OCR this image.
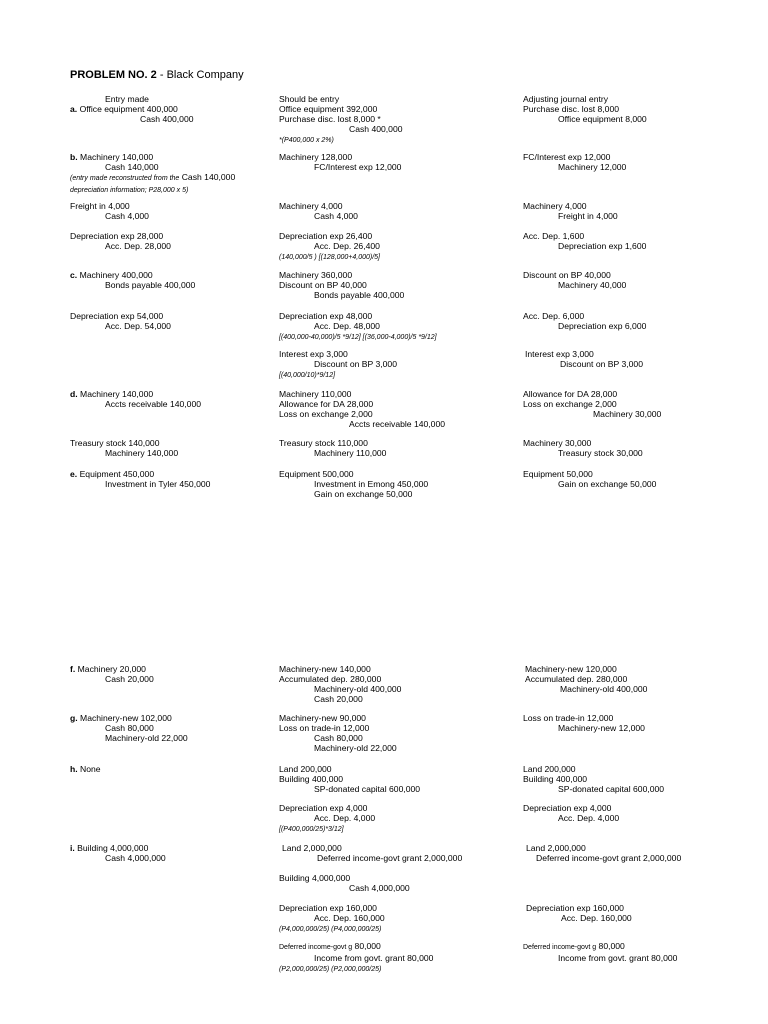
PROBLEM NO. 2 - Black Company
Entry made
a. Office equipment 400,000
Cash 400,000
Should be entry
Office equipment 392,000
Purchase disc. lost 8,000 *
Cash 400,000
*(P400,000 x 2%)
Adjusting journal entry
Purchase disc. lost 8,000
Office equipment 8,000
b. Machinery 140,000
Cash 140,000
(entry made reconstructed from the Cash 140,000
depreciation information; P28,000 x 5)
Machinery 128,000
FC/Interest exp 12,000
FC/Interest exp 12,000
Machinery 12,000
Freight in 4,000
Cash 4,000
Machinery 4,000
Cash 4,000
Machinery 4,000
Freight in 4,000
Depreciation exp 28,000
Acc. Dep. 28,000
Depreciation exp 26,400
Acc. Dep. 26,400
(140,000/5 ) [(128,000+4,000)/5]
Acc. Dep. 1,600
Depreciation exp 1,600
c. Machinery 400,000
Bonds payable 400,000
Machinery 360,000
Discount on BP 40,000
Bonds payable 400,000
Discount on BP 40,000
Machinery 40,000
Depreciation exp 54,000
Acc. Dep. 54,000
Depreciation exp 48,000
Acc. Dep. 48,000
[(400,000-40,000)/5 *9/12] [(36,000-4,000)/5 *9/12]
Acc. Dep. 6,000
Depreciation exp 6,000
Interest exp 3,000
Discount on BP 3,000
[(40,000/10)*9/12]
Interest exp 3,000
Discount on BP 3,000
d. Machinery 140,000
Accts receivable 140,000
Machinery 110,000
Allowance for DA 28,000
Loss on exchange 2,000
Accts receivable 140,000
Allowance for DA 28,000
Loss on exchange 2,000
Machinery 30,000
Treasury stock 140,000
Machinery 140,000
Treasury stock 110,000
Machinery 110,000
Machinery 30,000
Treasury stock 30,000
e. Equipment 450,000
Investment in Tyler 450,000
Equipment 500,000
Investment in Emong 450,000
Gain on exchange 50,000
Equipment 50,000
Gain on exchange 50,000
f. Machinery 20,000
Cash 20,000
Machinery-new 140,000
Accumulated dep. 280,000
Machinery-old 400,000
Cash 20,000
Machinery-new 120,000
Accumulated dep. 280,000
Machinery-old 400,000
g. Machinery-new 102,000
Cash 80,000
Machinery-old 22,000
Machinery-new 90,000
Loss on trade-in 12,000
Cash 80,000
Machinery-old 22,000
Loss on trade-in 12,000
Machinery-new 12,000
h. None	Land 200,000
Building 400,000
SP-donated capital 600,000
Land 200,000
Building 400,000
SP-donated capital 600,000
Depreciation exp 4,000
Acc. Dep. 4,000
[(P400,000/25)*3/12]
Depreciation exp 4,000
Acc. Dep. 4,000
i. Building 4,000,000
Cash 4,000,000
Land 2,000,000
Deferred income-govt grant 2,000,000
Land 2,000,000
Deferred income-govt grant 2,000,000
Building 4,000,000
Cash 4,000,000
Depreciation exp 160,000
Acc. Dep. 160,000
(P4,000,000/25) (P4,000,000/25)
Depreciation exp 160,000
Acc. Dep. 160,000
Deferred income-govt g 80,000
Income from govt. grant 80,000
(P2,000,000/25) (P2,000,000/25)
Deferred income-govt g 80,000
Income from govt. grant 80,000
